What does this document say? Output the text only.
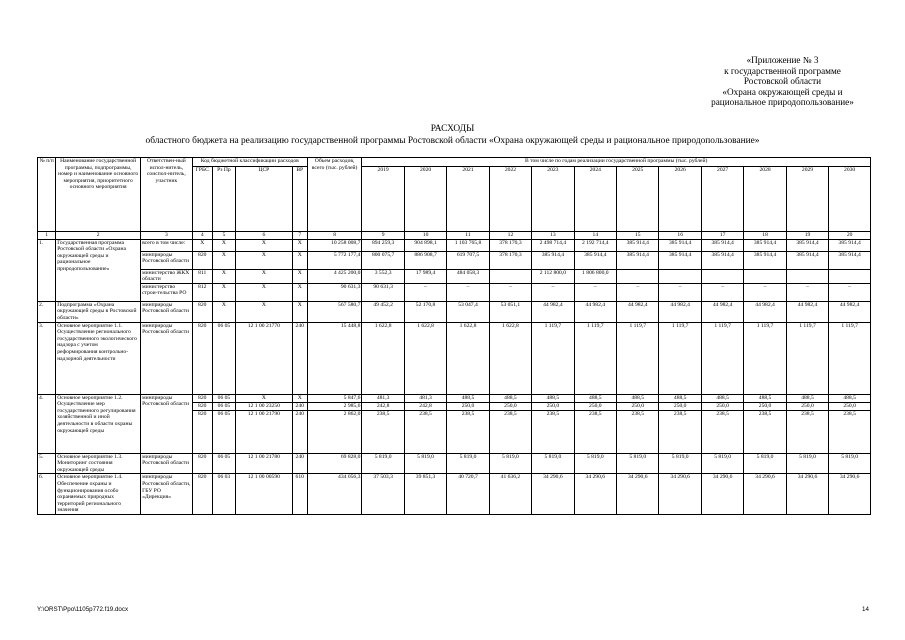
«Приложение № 3
к государственной программе
Ростовской области
«Охрана окружающей среды и
рациональное природопользование»
РАСХОДЫ
областного бюджета на реализацию государственной программы Ростовской области «Охрана окружающей среды и рациональное природопользование»
№ п/п	Наименование государственной программы, подпрограммы, номер и наименование основного мероприятия, приоритетного основного мероприятия	Ответствен-ный испол-нитель, соиспол-нитель, участник	Код бюджетной классификации расходов				Объем расходов, всего (тыс. рублей)	В том числе по годам реализации государственной программы (тыс. рублей)											
			ГРБС	Рз Пр	ЦСР	ВР		2019	2020	2021	2022	2023	2024	2025	2026	2027	2028	2029	2030

1	2	3	4	5	6	7	8	9	10	11	12	13	14	15	16	17	18	19	20
1.	Государственная программа Ростовской области «Охрана окружающей среды и рациональное природопользование»	всего в том числе:	X	X	X	X	10 258 008,7	894 259,3	904 898,1	1 103 765,8	378 170,3	2 498 714,4	2 192 714,4	385 914,4	385 914,4	385 914,4	385 914,4	385 914,4	385 914,4
		минприроды Ростовской области	820	X	X	X	5 772 177,4	800 075,7	886 908,7	619 707,5	378 170,3	385 914,4	385 914,4	385 914,4	385 914,4	385 914,4	385 914,4	385 914,4	385 914,4
		министерство ЖКХ области	811	X	X	X	4 425 200,0	3 552,3	17 989,4	484 058,3		2 112 800,0	1 806 800,0						
		министерство строи-тельства РО	812	X	X	X	90 631,3	90 631,3	–	–	–	–	–	–	–	–	–	–	–
2.	Подпрограмма «Охрана окружающей среды в Ростовской области»	минприроды Ростовской области	820	X	X	X	567 580,7	49 452,2	52 170,8	53 047,4	53 051,1	44 982,4	44 982,4	44 982,4	44 982,4	44 982,4	44 982,4	44 982,4	44 982,4
3.	Основное мероприятие 1.1. Осуществление регионального государственного экологического надзора с учетом реформирования контрольно-надзорной деятельности	минприроды Ростовской области	820	06 05	12 1 00 21770	240	15 448,8	1 622,8	1 622,8	1 622,8	1 622,8	1 119,7	1 119,7	1 119,7	1 119,7	1 119,7	1 119,7	1 119,7	1 119,7
4.	Основное мероприятие 1.2. Осуществление мер государственного регулирования хозяйственной и иной деятельности в области охраны окружающей среды	минприроды Ростовской области	820	06 05	X	X	5 847,6	481,3	481,3	488,5	488,5	488,5	488,5	488,5	488,5	488,5	488,5	488,5	488,5
			820	06 05	12 1 00 23250	240	2 985,6	242,8	242,8	250,0	250,0	250,0	250,0	250,0	250,0	250,0	250,0	250,0	250,0
			820	06 05	12 1 00 21790	240	2 862,0	238,5	238,5	238,5	238,5	238,5	238,5	238,5	238,5	238,5	238,5	238,5	238,5
5.	Основное мероприятие 1.3. Мониторинг состояния окружающей среды	минприроды Ростовской области	820	06 05	12 1 00 21780	240	69 828,0	5 819,0	5 819,0	5 819,0	5 819,0	5 819,0	5 819,0	5 819,0	5 819,0	5 819,0	5 819,0	5 819,0	5 819,0
6.	Основное мероприятие 1.4. Обеспечение охраны и функционирования особо охраняемых природных территорий регионального значения	минприроды Ростовской области, ГБУ РО «Дирекция»	820	06 03	12 1 00 00590	610	434 056,3	37 503,3	39 851,3	40 720,7	41 636,2	34 290,6	34 290,6	34 290,6	34 290,6	34 290,6	34 290,6	34 290,6	34 290,6
Y:\ORST\Ppo\1105p772.f19.docx	14
